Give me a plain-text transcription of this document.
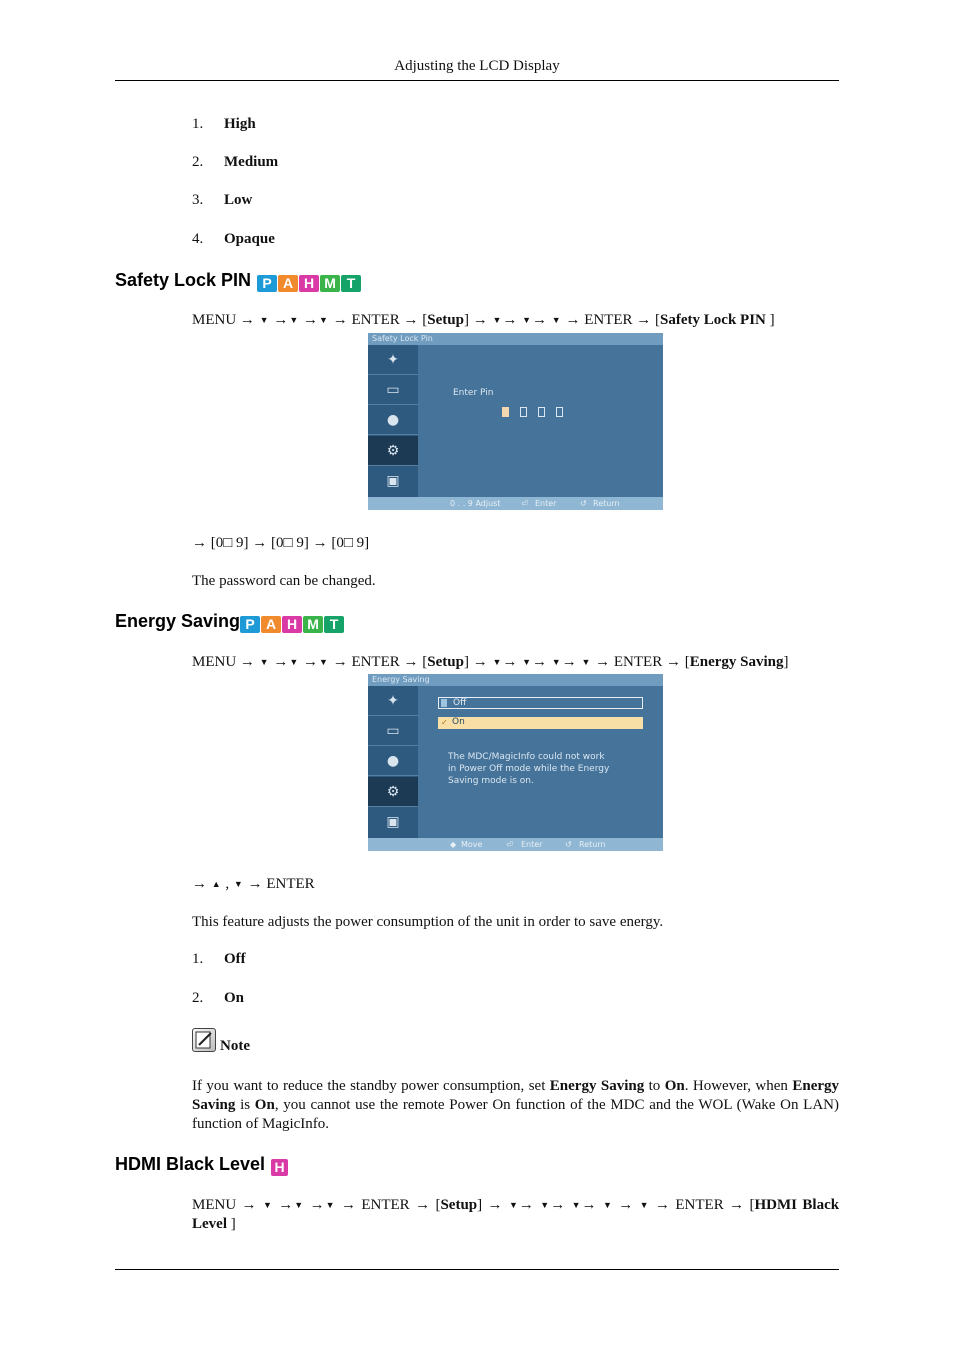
Adjusting the LCD Display
1. High
2. Medium
3. Low
4. Opaque
Safety Lock PIN P A H M T
MENU → ▼ →▼ →▼ → ENTER → [Setup] → ▼→ ▼→ ▼ → ENTER → [Safety Lock PIN ]
Safety Lock Pin
✦
▭
●
⚙
▣
Enter Pin
0 . . 9 Adjust	⏎ Enter	↺ Return
→ [0□ 9] → [0□ 9] → [0□ 9]
The password can be changed.
Energy Saving P A H M T
MENU → ▼ →▼ →▼ → ENTER → [Setup] → ▼→ ▼→ ▼→ ▼ → ENTER → [Energy Saving]
Energy Saving
✦
▭
●
⚙
▣
Off
✓ On
The MDC/MagicInfo could not work
in Power Off mode while the Energy
Saving mode is on.
◆ Move	⏎ Enter	↺ Return
→ ▲ , ▼ → ENTER
This feature adjusts the power consumption of the unit in order to save energy.
1. Off
2. On
Note
If you want to reduce the standby power consumption, set Energy Saving to On. However, when Energy Saving is On, you cannot use the remote Power On function of the MDC and the WOL (Wake On LAN) function of MagicInfo.
HDMI Black Level H
MENU → ▼ →▼ →▼ → ENTER → [Setup] → ▼→ ▼→ ▼→ ▼ → ▼ → ENTER → [HDMI Black Level ]
